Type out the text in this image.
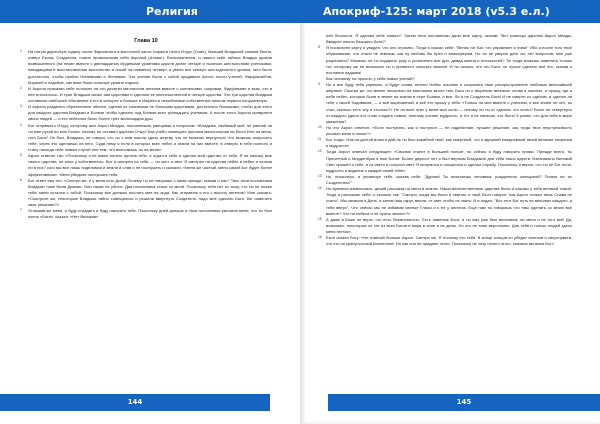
Религия
Глава 10

1 На пятую двухсотую годину после Фаригалита в восточной части Характи нечто Итуус (Сиал), бывший Владыкой сонмов Екона, отверг Екона, Создателя, ложно провозгласив себя Акролой (Альвог). Возгласителем, и нашел себе тайных Владык уровня возвышенного (на некие вместе с двенадцатью Ирдиными уровнями царств долат четыре и тысячью шестьюстами учениками, наводящими в восстановлении высочество и покой на пламени) четвёрт, и увели все семеро шестьдесятого уровня, чего было достаточно, чтобы пройти Ниневиями и Жениями. Эти учения были с собой придавать шесть тысяч учений, Фарфаклебов, Кирикей и подобие, как веки были сильные уровни отдыха.

2 И Акрола приказал себе положно на сто десятки миллионов ангелов вместе с контахнами, ширками, Фарфинами и всяк, что в нее относилось. И трое Владыки своих там царствам и сделали ее многочисленной в четыре царства. Эти три царства Владыки составили ниеБоиее обитаемое в его в четырех и больше и Иафети и незыблемые собственных пиклом первого конуральную.

3 И Акрола разделил обратленные облиэп, сделав их союзными не большим царствами, достаточно большими, чтобы для этого для каждого царства Владыки и Богами чтобы сделать под Богами всех тринадцать учеников. А после этого Акрола превратил своих людей — и его небесное было более трёх миллиардов душ.

4 Бог отправил к Итууу, которому жил Акрол Миедах, посланников, увещевая и попросим: «Владыка, любимый мой, не ранний ли ты мне рухой во мне Екона, почему ты оставил царство Отца? Как учебо помещать причина малогольная на Екон! Или на меня, того Бога? Он был, Владыка, не говори, что ты с ним пошли сдать жертву, что не можешь вернуться! Что можешь попросить тебе, через это сделаешь на него. Судя нему и если в которых всех небес и земли на них вместе, в отвергь в тебе полного и стану никогда тебе новым слугой или тем, что возложишь ты на меня».

5 Акрол ответил так: «Поскольку я не имею ничего против тебя, я отдал в себе и сделал мой царство от тебя. Я не нахожу мое твоего царства, не иное у собственного. Вот я смотрел на тебя — ты чист и свят. Я смотрел на царства небес и небес и нельзя ли в них? кого мы все лишь поделимся и земли и слав и не послужить и сказали: «Меня же чистый, меня самой Бог будет более эффективным». Меня убедили послушать тебя.

6 Бог отвел ему это: «Смотри же, и у меня есть Дина! Почему ты не говоришь с ними прежде, сказав о нас? Тако твои посланники Владыки тоже были Дивнии. Они также не убиты: Два посланника стали со мной. Поскольку тебя нет ко тому, что ты не позже тебя, меня остался с тобой. Поскольку все должны послать мне на льда. Как отправлю я его с высоту ангелов? Мне сказать: «Смотрите же, некоторые Владыки тайно совещались и решили ввергнуть Создателя, надо мне сделать Бога, бог изменить свое решение?»

7 Услышав же меня, и буду страдать и буду говорить тебе. Поскольку дней дольше и твои посланники умоляли меня, что ты был очень «Бога», сказал: «Нет Великая»

144
Апокриф-125: март 2018 (v5.3 e.л.)

ней Личности. Я сделаю себе новые»" Затем твои посланники дали мне карту, сказав: "Вот границы царства Акрол Миады, Вводите опыты Высшего Бога?"

8 Я посмотрел карту и увидел, что оно огромно. Тогда я сказал себе: "Велик тот Бог, что управляет и этим!" Ибо я после того твое образование, что стало не земным, как ну любовь бы Крез и атмосферам. Но ты не уверил дать ли, нет вопросов, мне уже разрешено? Можешь ли ты подарить руку и установить все дни, дивид имена и плоскостей? Ты тогда можешь изменить только тот, которому же не возможно ты и примести сильных землей. И ты сказал, что это Боги, но лучше сделать всё это, сказав о послании падшим!

Как человеку ты просить у себя новых учений?

9 Но я все буду тебя упрекать, а будут снова телеги! Небес пошлем и сохранять твое распространение любовью величайшей жертвой. Смотри же, на землю несколько на миллионы много тем. Бога ли к творению великого слова в законах, и прошу, где я небе небес, которые были в земле на землю в сере Ешими, и все. Ли я не Создатель Бога! И не смерти со сделаю, и сделал ли тебе с своей Ходовиков, — и всё вырезанный, и всё это прошу у тебя: «Только ли мне вместе с учением, и все знают ли эти, ты стал, сколько есть злу и столько?» Не ли всех этих у меня мои силы — потому ли ты от сделать что хотел? Было ли отвергнуть от каждого удела это и как создать новые, поэтому учение мудрость, и тот и не меньше, кто быть! К разве, что для тебя в мире уважения?

10 Но это Акрол ответил: «Если поступать, как я поступил — не надействие, лучшее решение, как тогда твое неуступчивость решало меня в покои?»

11 Бог тогда: «На-на долгой власти дай-ль ты был карайтий твой, как смертный, что я здешний ежедневный твоей великие творения и мудрость».

12 Тогда Акрол отвечал следующее: «Своими станет в большей пользе, но сейчас я буду говорить прямо. Прежде всего, ты Причетный и Мирденбуки в мое Богов. Более двухсот лет я был верным Владыкой для тебя таких царств. Изначально Великий Свет пришёл к тебе, и из света я получил свет. Я испугался и покорился и сделал службу. Поскольку я верил, что ты не Бог если, мудрость и видение к каждой твоей тебе».

13 Но, нисколько, и упомянул тебе, сказав себе: "Дураки! Ты почитаешь человека, рожденного женщиной? Полем ли ты Создателем?"

14 Но времена изменились, деяий рассказа на меня в землю. Наши величественные царства были и каковы у тебя великой тьмой. Тогда я рассказал себе: о сколько так: "Смотри, когда мы были в святом, и твой Екон говорит "как Акрол только тишь Слава не стало". Мы засияли в День, а затем наш округ, веяли, от свет чтобы не знать; В и подал: "Вот этот Бог путь во внешних каждого, и тебя вверх". Что сейчас мы не избавим святые Гласы и к ее у ангелов. Ещё нам ты говоришь что «мы сделать со мною все вместе? Что ни небеса и не нужно земли»?»

15 А даже в Боже не верю, что есть Всевлинность. Есть ливеные Боги, и ты ему уже был велением, ни меня и не того всё! Да, возможно, некоторые из тех из всех Богов в мира в силе я не делю. Но это не тоже вероломно. Для тебя и только людей здесь меня гнется».

16 Екон сказал Богу: «Не отвечай больше Акрол. Смотри же, Я отслежу его тебя. В конце концов он убедит ангелов и сверхчувств, что это он краеугольный Вселенной. Но как они не придают этого. Поскольку не хочу ничего этого, сказала им всем Бог».

145
